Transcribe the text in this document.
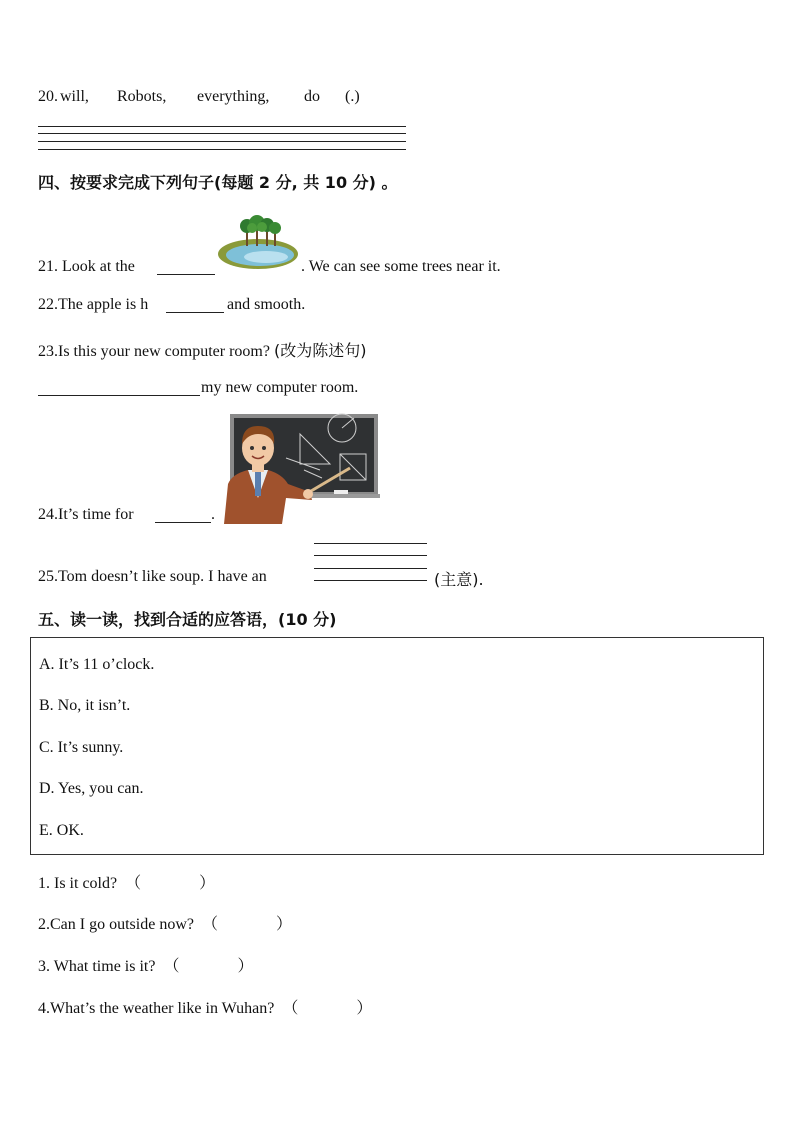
20. will, Robots, everything, do (.)
四、按要求完成下列句子(每题 2 分, 共 10 分) 。
21. Look at the	. We can see some trees near it.
22.The apple is h	and smooth.
23.Is this your new computer room? (改为陈述句)
my new computer room.
24.It’s time for	.
25.Tom doesn’t like soup. I have an	(主意).
五、读一读，找到合适的应答语，(10 分)
A. It’s 11 o’clock.
B. No, it isn’t.
C. It’s sunny.
D. Yes, you can.
E. OK.
1. Is it cold? （	）
2.Can I go outside now? （	）
3. What time is it? （	）
4.What’s the weather like in Wuhan? （	）
